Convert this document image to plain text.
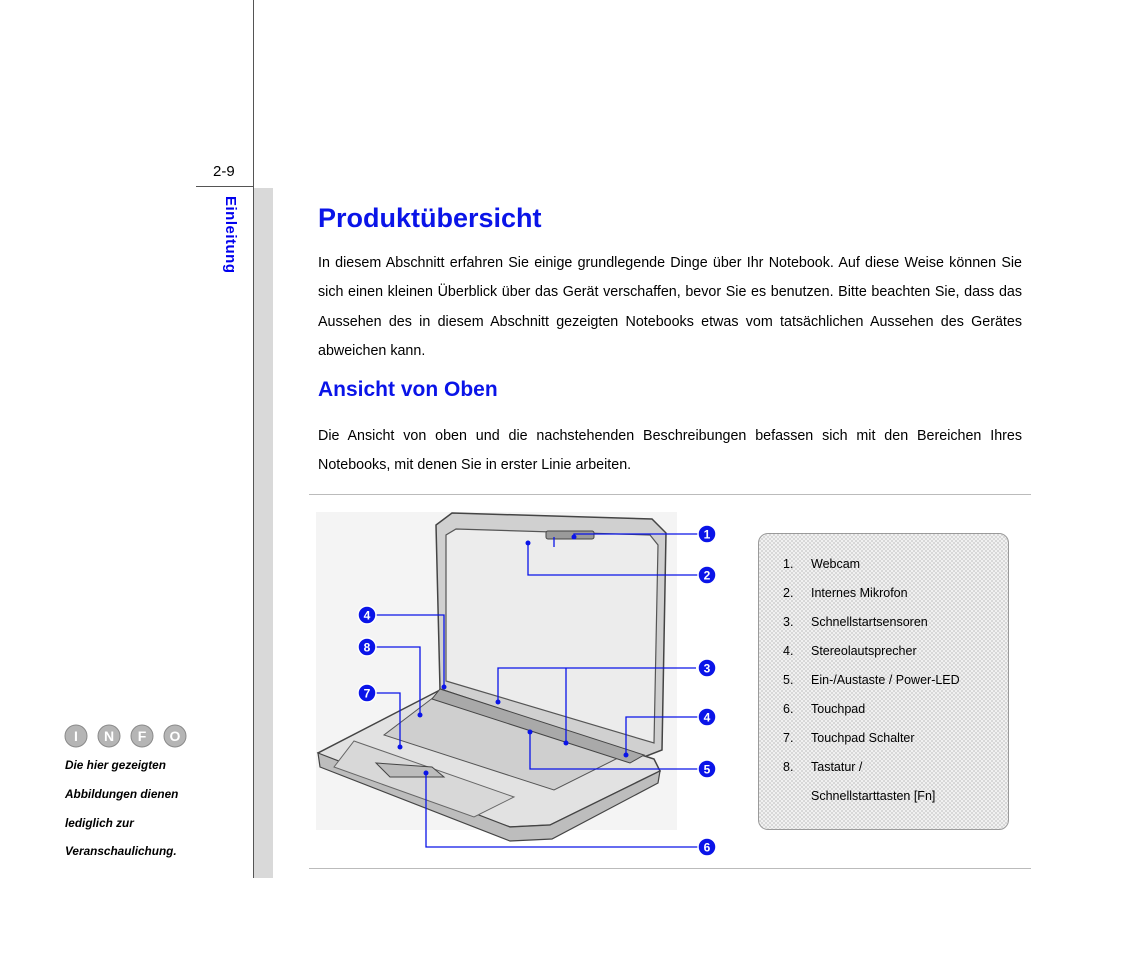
2-9
Einleitung	Produktübersicht

In diesem Abschnitt erfahren Sie einige grundlegende Dinge über Ihr Notebook. Auf diese Weise können Sie sich einen kleinen Überblick über das Gerät verschaffen, bevor Sie es benutzen. Bitte beachten Sie, dass das Aussehen des in diesem Abschnitt gezeigten Notebooks etwas vom tatsächlichen Aussehen des Gerätes abweichen kann.

Ansicht von Oben

Die Ansicht von oben und die nachstehenden Beschreibungen befassen sich mit den Bereichen Ihres Notebooks, mit denen Sie in erster Linie arbeiten.

1
2
3
4
4
5
6
7
8
1.	Webcam
2.	Internes Mikrofon
3.	Schnellstartsensoren
4.	Stereolautsprecher
5.	Ein-/Austaste / Power-LED
6.	Touchpad
7.	Touchpad Schalter
8.	Tastatur /
Schnellstarttasten [Fn]
I N F O
Die hier gezeigten
Abbildungen dienen
lediglich zur
Veranschaulichung.
